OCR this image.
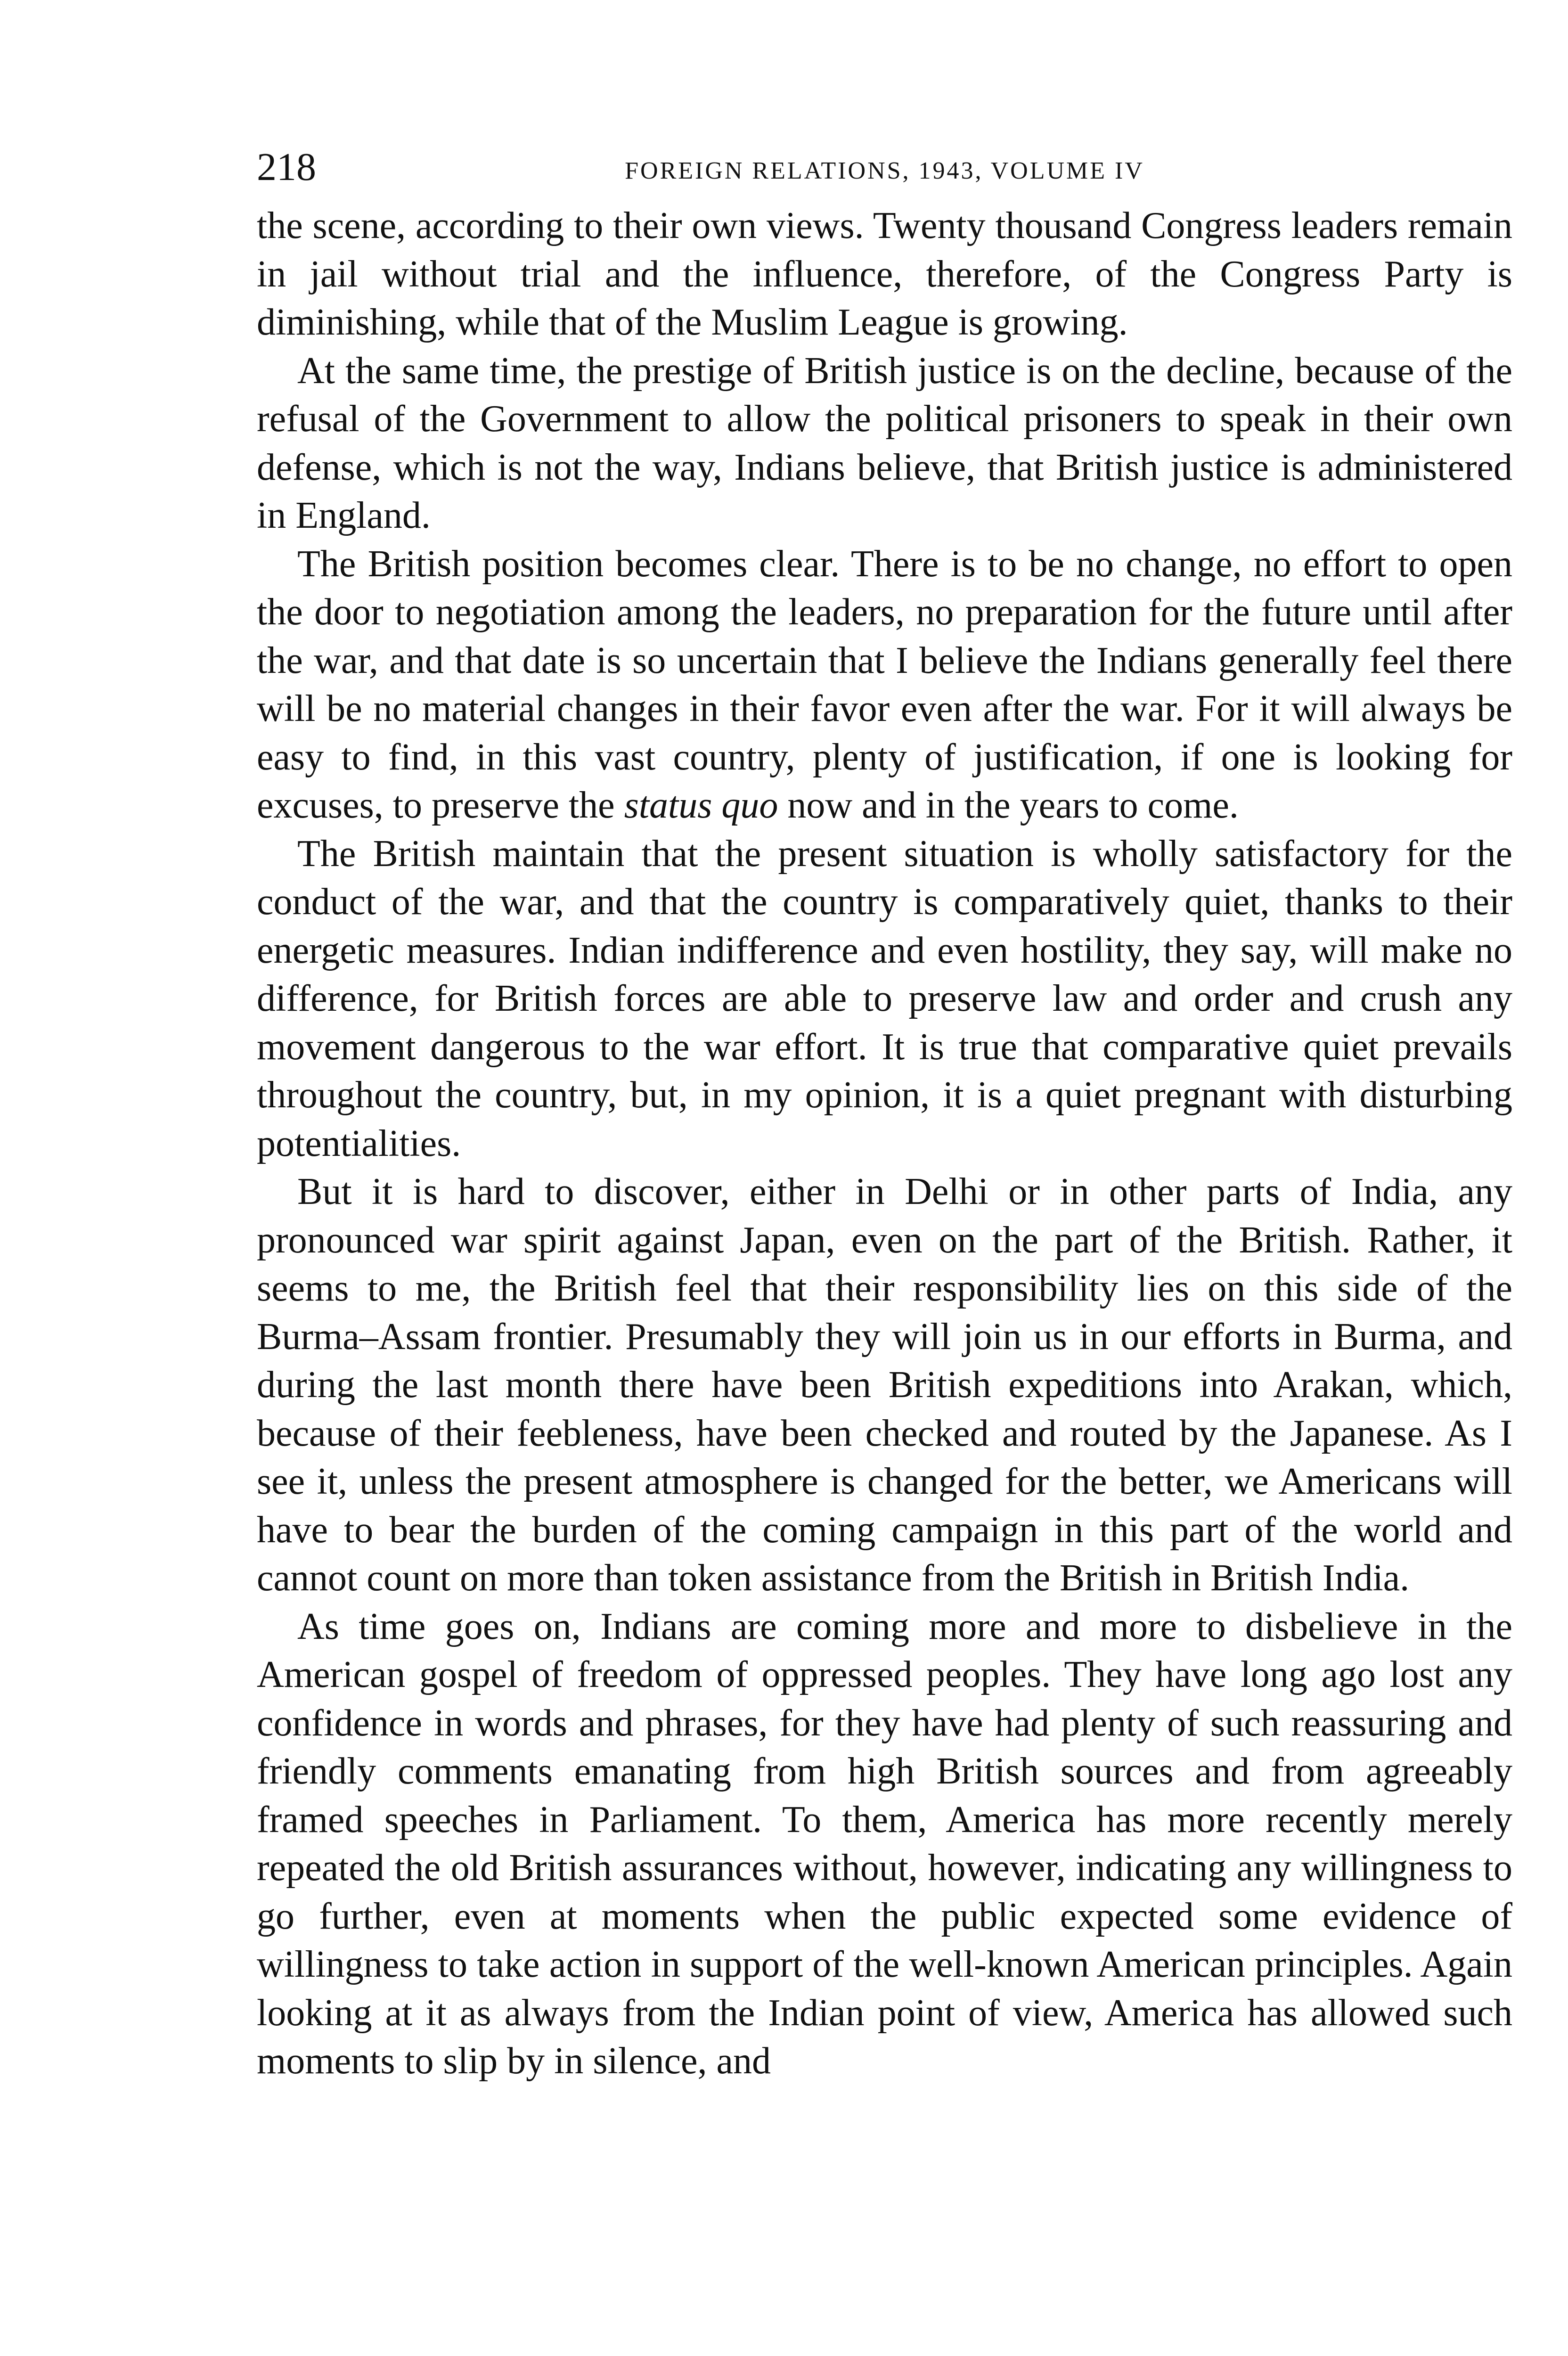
218	FOREIGN RELATIONS, 1943, VOLUME IV

the scene, according to their own views. Twenty thousand Congress leaders remain in jail without trial and the influence, therefore, of the Congress Party is diminishing, while that of the Muslim League is growing.

At the same time, the prestige of British justice is on the decline, because of the refusal of the Government to allow the political prisoners to speak in their own defense, which is not the way, Indians believe, that British justice is administered in England.

The British position becomes clear. There is to be no change, no effort to open the door to negotiation among the leaders, no preparation for the future until after the war, and that date is so uncertain that I believe the Indians generally feel there will be no material changes in their favor even after the war. For it will always be easy to find, in this vast country, plenty of justification, if one is looking for excuses, to preserve the status quo now and in the years to come.

The British maintain that the present situation is wholly satisfactory for the conduct of the war, and that the country is comparatively quiet, thanks to their energetic measures. Indian indifference and even hostility, they say, will make no difference, for British forces are able to preserve law and order and crush any movement dangerous to the war effort. It is true that comparative quiet prevails throughout the country, but, in my opinion, it is a quiet pregnant with disturbing potentialities.

But it is hard to discover, either in Delhi or in other parts of India, any pronounced war spirit against Japan, even on the part of the British. Rather, it seems to me, the British feel that their responsibility lies on this side of the Burma–Assam frontier. Presumably they will join us in our efforts in Burma, and during the last month there have been British expeditions into Arakan, which, because of their feebleness, have been checked and routed by the Japanese. As I see it, unless the present atmosphere is changed for the better, we Americans will have to bear the burden of the coming campaign in this part of the world and cannot count on more than token assistance from the British in British India.

As time goes on, Indians are coming more and more to disbelieve in the American gospel of freedom of oppressed peoples. They have long ago lost any confidence in words and phrases, for they have had plenty of such reassuring and friendly comments emanating from high British sources and from agreeably framed speeches in Parliament. To them, America has more recently merely repeated the old British assurances without, however, indicating any willingness to go further, even at moments when the public expected some evidence of willingness to take action in support of the well-known American principles. Again looking at it as always from the Indian point of view, America has allowed such moments to slip by in silence, and
